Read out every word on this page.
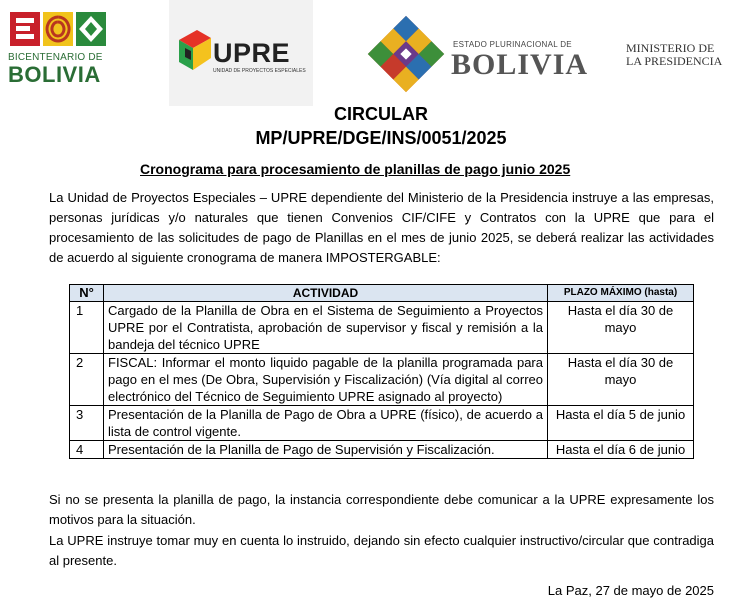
BICENTENARIO DE
BOLIVIA
UPRE
UNIDAD DE PROYECTOS ESPECIALES
ESTADO PLURINACIONAL DE
BOLIVIA	MINISTERIO DE
LA PRESIDENCIA
CIRCULAR
MP/UPRE/DGE/INS/0051/2025
Cronograma para procesamiento de planillas de pago junio 2025
La Unidad de Proyectos Especiales – UPRE dependiente del Ministerio de la Presidencia instruye a las empresas, personas jurídicas y/o naturales que tienen Convenios CIF/CIFE y Contratos con la UPRE que para el procesamiento de las solicitudes de pago de Planillas en el mes de junio 2025, se deberá realizar las actividades de acuerdo al siguiente cronograma de manera IMPOSTERGABLE:
N°	ACTIVIDAD	PLAZO MÁXIMO (hasta)
1	Cargado de la Planilla de Obra en el Sistema de Seguimiento a Proyectos UPRE por el Contratista, aprobación de supervisor y fiscal y remisión a la bandeja del técnico UPRE	Hasta el día 30 de mayo
2	FISCAL: Informar el monto liquido pagable de la planilla programada para pago en el mes (De Obra, Supervisión y Fiscalización) (Vía digital al correo electrónico del Técnico de Seguimiento UPRE asignado al proyecto)	Hasta el día 30 de mayo
3	Presentación de la Planilla de Pago de Obra a UPRE (físico), de acuerdo a lista de control vigente.	Hasta el día 5 de junio
4	Presentación de la Planilla de Pago de Supervisión y Fiscalización.	Hasta el día 6 de junio
Si no se presenta la planilla de pago, la instancia correspondiente debe comunicar a la UPRE expresamente los motivos para la situación.
La UPRE instruye tomar muy en cuenta lo instruido, dejando sin efecto cualquier instructivo/circular que contradiga al presente.
La Paz, 27 de mayo de 2025
